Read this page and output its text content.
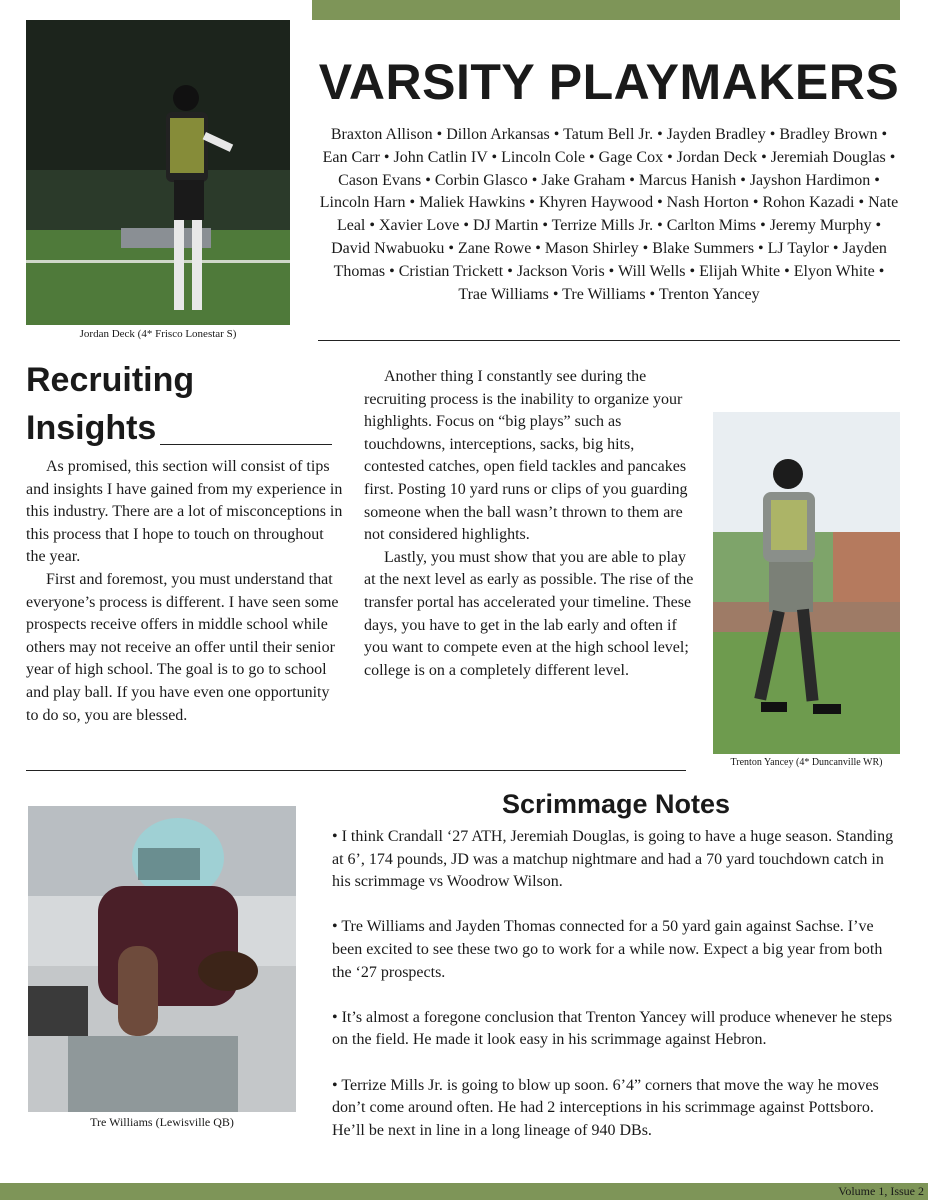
Jordan Deck (4* Frisco Lonestar S)
VARSITY PLAYMAKERS
Braxton Allison • Dillon Arkansas • Tatum Bell Jr. • Jayden Bradley • Bradley Brown • Ean Carr • John Catlin IV • Lincoln Cole • Gage Cox • Jordan Deck • Jeremiah Douglas • Cason Evans • Corbin Glasco • Jake Graham • Marcus Hanish • Jayshon Hardimon • Lincoln Harn • Maliek Hawkins • Khyren Haywood • Nash Horton • Rohon Kazadi • Nate Leal • Xavier Love • DJ Martin • Terrize Mills Jr. • Carlton Mims • Jeremy Murphy • David Nwabuoku • Zane Rowe • Mason Shirley • Blake Summers • LJ Taylor • Jayden Thomas • Cristian Trickett • Jackson Voris • Will Wells • Elijah White • Elyon White • Trae Williams • Tre Williams • Trenton Yancey
Recruiting
Insights

As promised, this section will consist of tips and insights I have gained from my experience in this industry. There are a lot of misconceptions in this process that I hope to touch on throughout the year.

First and foremost, you must understand that everyone’s process is different. I have seen some prospects receive offers in middle school while others may not receive an offer until their senior year of high school. The goal is to go to school and play ball. If you have even one opportunity to do so, you are blessed.

Another thing I constantly see during the recruiting process is the inability to organize your highlights. Focus on “big plays” such as touchdowns, interceptions, sacks, big hits, contested catches, open field tackles and pancakes first. Posting 10 yard runs or clips of you guarding someone when the ball wasn’t thrown to them are not considered highlights.

Lastly, you must show that you are able to play at the next level as early as possible. The rise of the transfer portal has accelerated your timeline. These days, you have to get in the lab early and often if you want to compete even at the high school level; college is on a completely different level.

Trenton Yancey (4* Duncanville WR)
Tre Williams (Lewisville QB)
Scrimmage Notes

• I think Crandall ‘27 ATH, Jeremiah Douglas, is going to have a huge season. Standing at 6’, 174 pounds, JD was a matchup nightmare and had a 70 yard touchdown catch in his scrimmage vs Woodrow Wilson.

• Tre Williams and Jayden Thomas connected for a 50 yard gain against Sachse. I’ve been excited to see these two go to work for a while now. Expect a big year from both the ‘27 prospects.

• It’s almost a foregone conclusion that Trenton Yancey will produce whenever he steps on the field. He made it look easy in his scrimmage against Hebron.

• Terrize Mills Jr. is going to blow up soon. 6’4” corners that move the way he moves don’t come around often. He had 2 interceptions in his scrimmage against Pottsboro. He’ll be next in line in a long lineage of 940 DBs.

Volume 1, Issue 2
